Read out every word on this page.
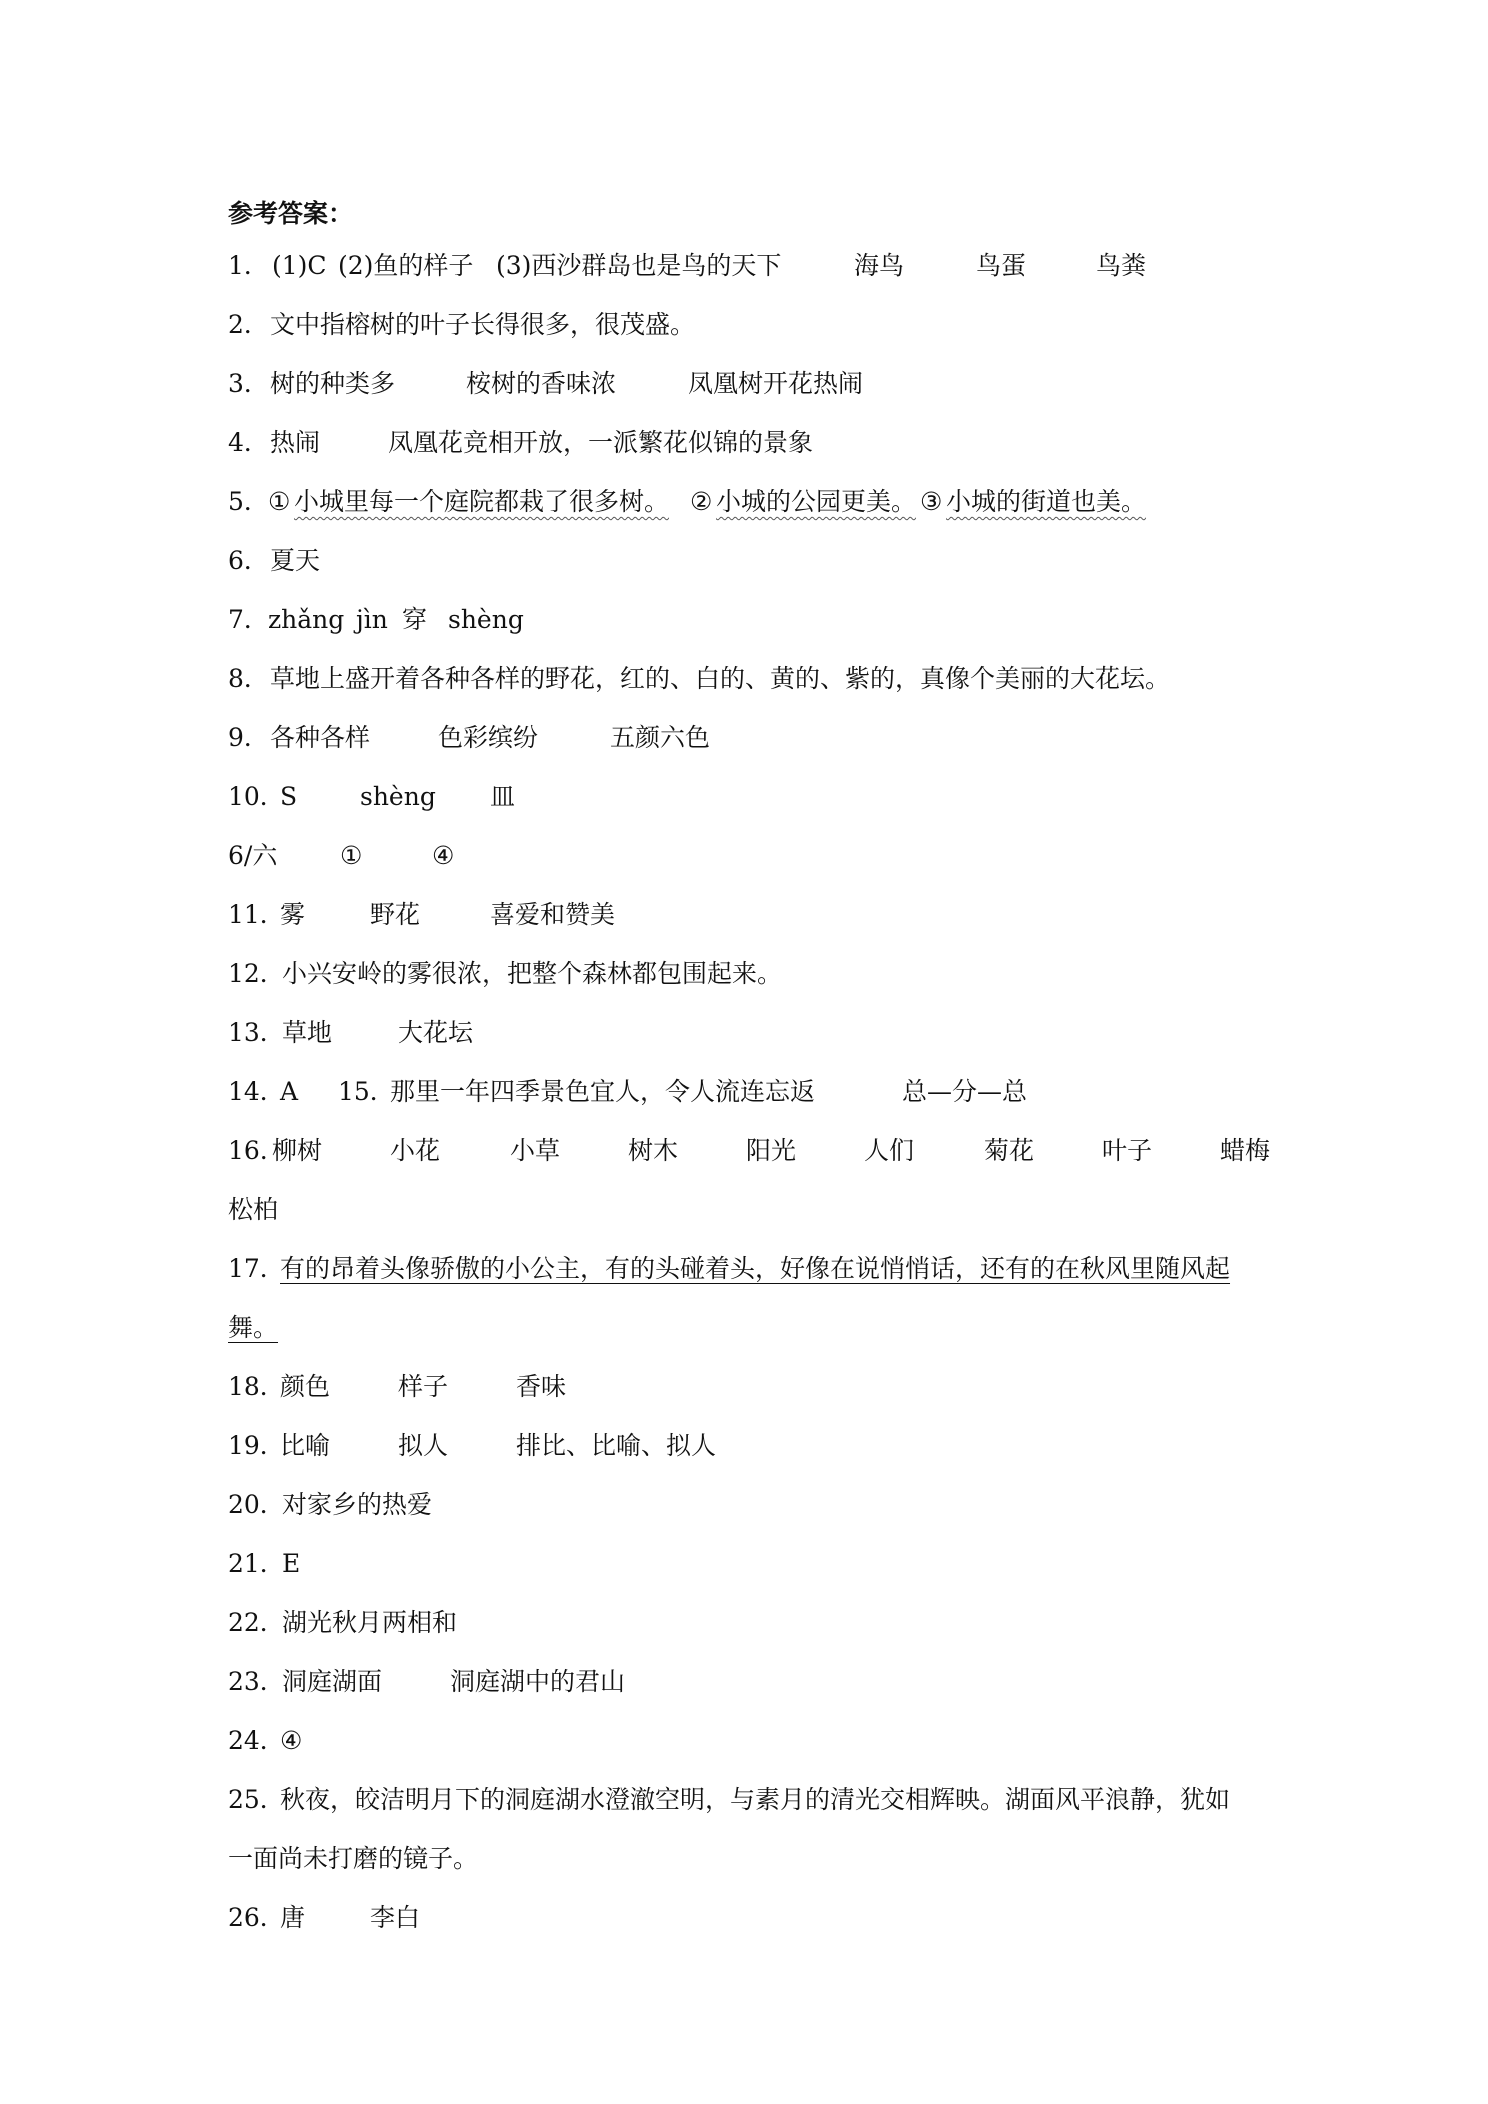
参考答案：
1． (1)C (2)鱼的样子 (3)西沙群岛也是鸟的天下	海鸟	鸟蛋	鸟粪
2． 文中指榕树的叶子长得很多，很茂盛。
3． 树的种类多	桉树的香味浓	凤凰树开花热闹
4． 热闹	凤凰花竞相开放，一派繁花似锦的景象
5． ① 小城里每一个庭院都栽了很多树。 ② 小城的公园更美。 ③ 小城的街道也美。
6． 夏天
7． zhǎng jìn 穿 shèng
8． 草地上盛开着各种各样的野花，红的、白的、黄的、紫的，真像个美丽的大花坛。
9． 各种各样	色彩缤纷	五颜六色
10．
S	shèng 皿
6/六	①	④
11．
雾	野花	喜爱和赞美
12．
小兴安岭的雾很浓，把整个森林都包围起来。
13．
草地	大花坛
14．
A 15．
那里一年四季景色宜人，令人流连忘返	总—分—总
16. 柳树	小花	小草	树木	阳光	人们	菊花	叶子	蜡梅
松柏
17．
有的昂着头像骄傲的小公主，有的头碰着头，好像在说悄悄话，还有的在秋风里随风起
舞。
18．
颜色	样子	香味
19．
比喻	拟人	排比、比喻、拟人
20．
对家乡的热爱
21．
E
22．
湖光秋月两相和
23．
洞庭湖面	洞庭湖中的君山
24．
④
25．
秋夜，皎洁明月下的洞庭湖水澄澈空明，与素月的清光交相辉映。湖面风平浪静，犹如
一面尚未打磨的镜子。
26．
唐	李白
